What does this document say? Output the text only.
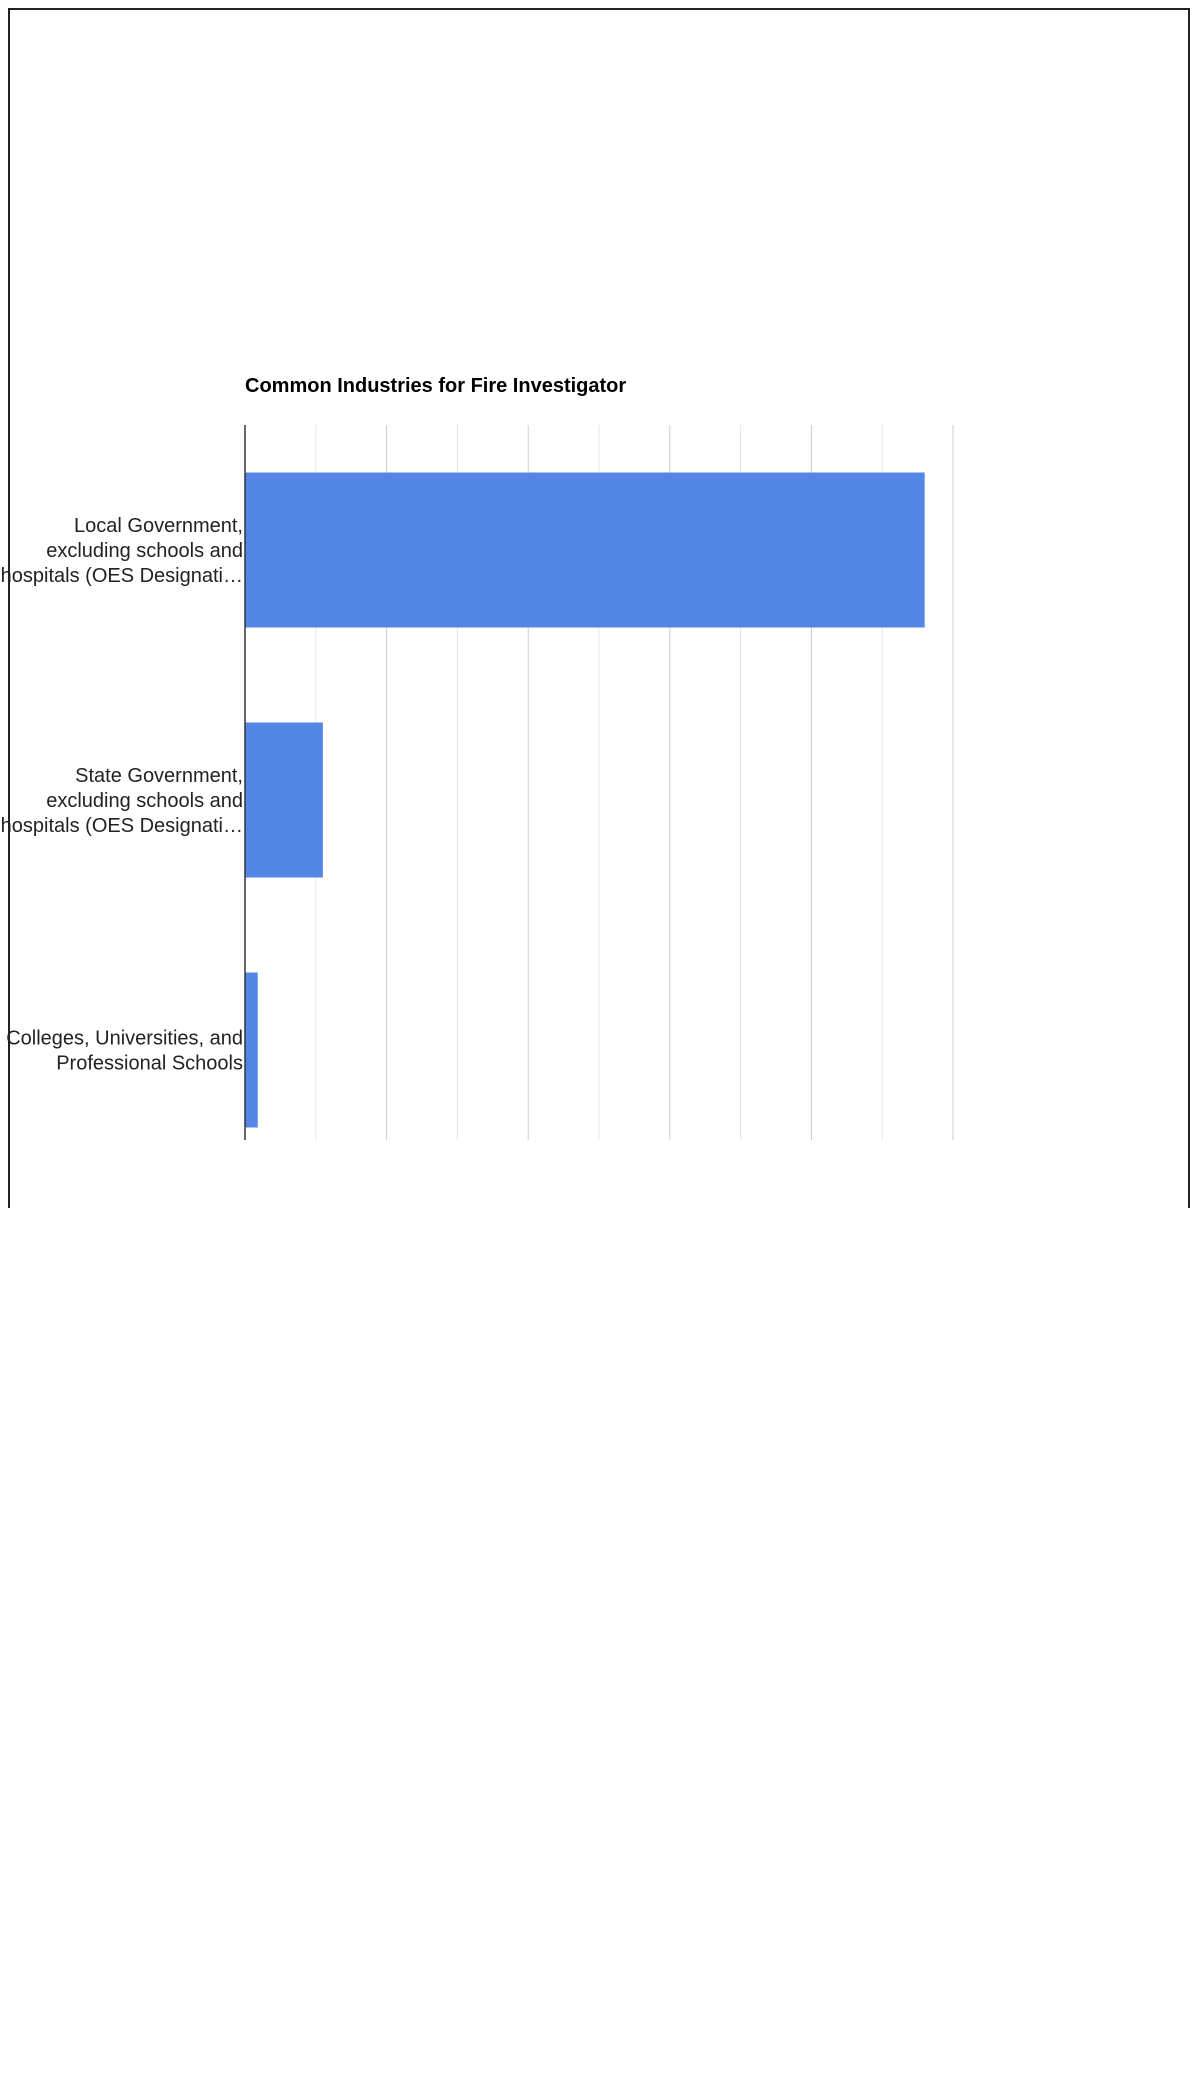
Common Industries for Fire Investigator
Local Government, excluding schools and hospitals (OES Designati…
State Government, excluding schools and hospitals (OES Designati…
Colleges, Universities, and Professional Schools
